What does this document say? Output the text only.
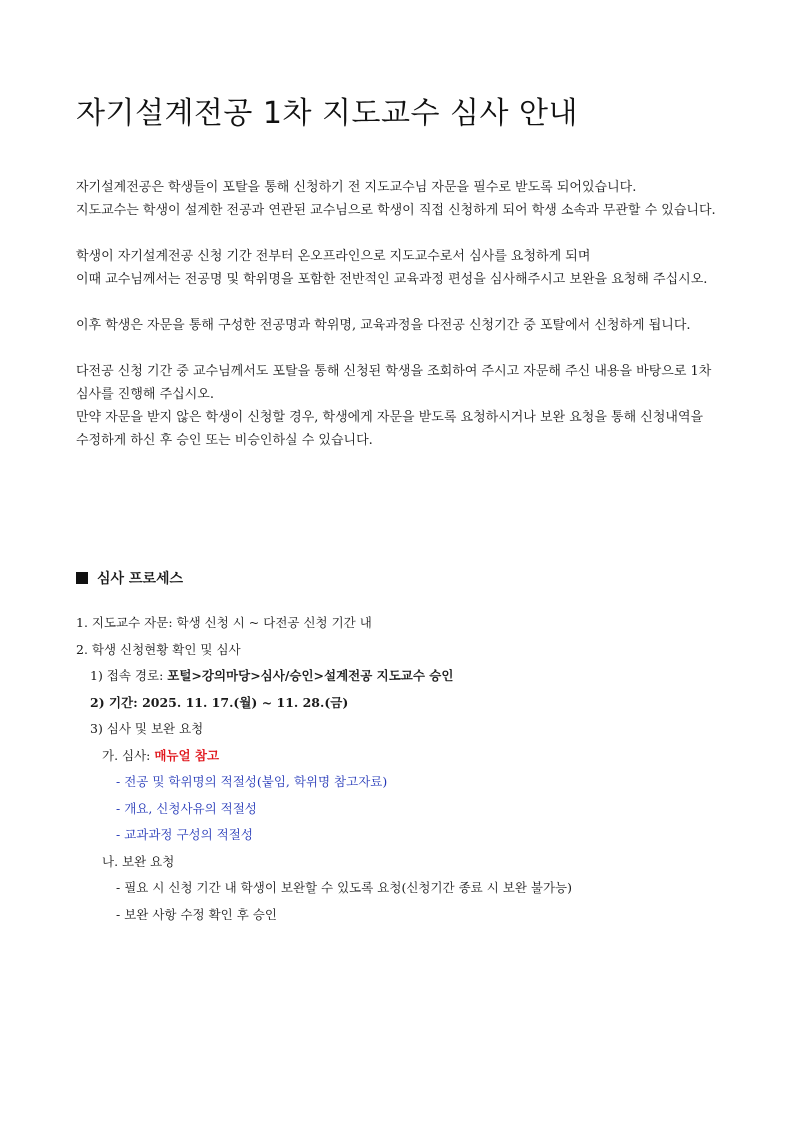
자기설계전공 1차 지도교수 심사 안내

자기설계전공은 학생들이 포탈을 통해 신청하기 전 지도교수님 자문을 필수로 받도록 되어있습니다.

지도교수는 학생이 설계한 전공과 연관된 교수님으로 학생이 직접 신청하게 되어 학생 소속과 무관할 수 있습니다.

학생이 자기설계전공 신청 기간 전부터 온오프라인으로 지도교수로서 심사를 요청하게 되며

이때 교수님께서는 전공명 및 학위명을 포함한 전반적인 교육과정 편성을 심사해주시고 보완을 요청해 주십시오.

이후 학생은 자문을 통해 구성한 전공명과 학위명, 교육과정을 다전공 신청기간 중 포탈에서 신청하게 됩니다.

다전공 신청 기간 중 교수님께서도 포탈을 통해 신청된 학생을 조회하여 주시고 자문해 주신 내용을 바탕으로 1차 심사를 진행해 주십시오.

만약 자문을 받지 않은 학생이 신청할 경우, 학생에게 자문을 받도록 요청하시거나 보완 요청을 통해 신청내역을 수정하게 하신 후 승인 또는 비승인하실 수 있습니다.

심사 프로세스
1. 지도교수 자문: 학생 신청 시 ~ 다전공 신청 기간 내
2. 학생 신청현황 확인 및 심사
1) 접속 경로: 포털>강의마당>심사/승인>설계전공 지도교수 승인
2) 기간: 2025. 11. 17.(월) ~ 11. 28.(금)
3) 심사 및 보완 요청
가. 심사: 매뉴얼 참고
- 전공 및 학위명의 적절성(붙임, 학위명 참고자료)
- 개요, 신청사유의 적절성
- 교과과정 구성의 적절성
나. 보완 요청
- 필요 시 신청 기간 내 학생이 보완할 수 있도록 요청(신청기간 종료 시 보완 불가능)
- 보완 사항 수정 확인 후 승인
